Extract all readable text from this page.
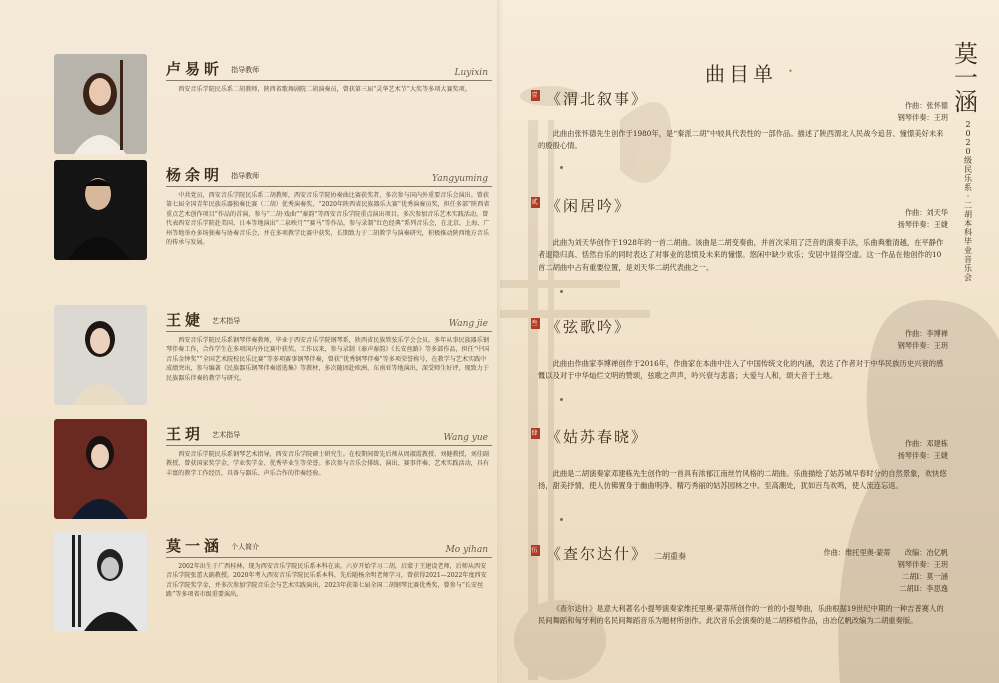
卢易昕 指导教师	Luyixin
西安音乐学院民乐系二胡教师，陕西省歌舞剧院二胡演奏员，曾获第三届“灵华艺术节”大奖等多项大赛奖项。
杨余明 指导教师	Yangyuming
中共党员，西安音乐学院民乐系二胡教师，西安音乐学院协奏曲比赛获奖者，多次参与国内外重要音乐会演出。曾获第七届全国青年民族乐器独奏比赛（二胡）优秀演奏奖，“2020年陕西省民族器乐大赛”优秀演奏员奖，担任多部“陕西省重点艺术创作项目”作品的首演，参与“二胡·戏曲”“秦韵”等西安音乐学院重点演出项目。多次参加音乐艺术实践活动，曾代表西安音乐学院赴美国、日本等地演出“二泉映月”“赛马”等作品，参与录制“红色经典”系列音乐会，在北京、上海、广州等地举办多场独奏与协奏音乐会，并在多项教学比赛中获奖，长期致力于二胡教学与演奏研究，积极推动陕西地方音乐的传承与发展。
王婕 艺术指导	Wang jie
西安音乐学院民乐系钢琴伴奏教师，毕业于西安音乐学院钢琴系，陕西省民族管弦乐学会会员。多年从事民族器乐钢琴伴奏工作，合作学生在多项国内外比赛中获奖。工作以来，参与录制《秦声秦韵》《长安丝路》等多部作品，担任“中国音乐金钟奖”“全国艺术院校民乐比赛”等多项赛事钢琴伴奏，曾获“优秀钢琴伴奏”等多项荣誉称号，在教学与艺术实践中成绩突出，参与编著《民族器乐钢琴伴奏谱选集》等教材，多次随团赴欧洲、东南亚等地演出，深受师生好评，现致力于民族器乐伴奏的教学与研究。
王玥 艺术指导	Wang yue
西安音乐学院民乐系钢琴艺术指导，西安音乐学院硕士研究生。在校期间曾先后师从周淑霞教授、刘健教授，刘佳副教授，曾获国家奖学金、学业奖学金、优秀毕业生等荣誉。多次参与音乐会排练、演出、赛事伴奏、艺术实践活动，具有丰富的教学工作经历，具备与器乐、声乐合作的伴奏经验。
莫一涵 个人简介	Mo yihan
2002年出生于广西桂林，现为西安音乐学院民乐系本科在读，六岁开始学习二胡，启蒙于王建设老师，后师从西安音乐学院张蕾大副教授。2020年考入西安音乐学院民乐系本科，先后随杨余明老师学习，曾获得2021—2022年度西安音乐学院奖学金，并多次参加学院音乐会与艺术实践演出，2023年获第七届全国二胡钢琴比赛优秀奖，曾参与“长安丝路”等多项省市级重要演出。
曲目单 ✦
莫
一
涵
2
0
2
0
级
民
乐
系
·
二
胡
本
科
毕
业
音
乐
会
壹 《渭北叙事》	作曲：张怀德
钢琴伴奏：王玥
此曲由张怀德先生创作于1980年，是“秦派二胡”中较具代表性的一部作品。描述了陕西渭北人民战今追昔、憧憬美好未来的殷殷心情。
贰 《闲居吟》	作曲：刘天华
扬琴伴奏：王婕
此曲为刘天华创作于1928年的一首二胡曲。该曲是二胡变奏曲，并首次采用了泛音的演奏手法，乐曲典雅清越，在平静作者退隐归真、恬然自乐的同时表达了对事业的悲愤及未来的憧憬。悠闲中缺少欢乐；安居中显得空虚。这一作品在他创作的10首二胡曲中占有重要位置，是刘天华二胡代表曲之一。
叁 《弦歌吟》	作曲：李博禅
钢琴伴奏：王玥
此曲由作曲家李博禅创作于2016年，作曲家在本曲中注入了中国传统文化的内涵，表达了作者对于中华民族历史兴衰的感慨以及对于中华灿烂文明的赞颂，弦歌之声声，吟兴衰与悲喜；大爱与人和，颂大音于土地。
肆 《姑苏春晓》	作曲：邓建栋
扬琴伴奏：王婕
此曲是二胡演奏家邓建栋先生创作的一首具有浓郁江南丝竹风格的二胡曲。乐曲描绘了姑苏城早春时分的自然景象，欢快悠扬，甜美抒情，使人仿佛置身于幽曲明净、精巧秀丽的姑苏园林之中。至高潮处，犹如百鸟欢鸣，使人流连忘返。
伍 《查尔达什》 二胡重奏	作曲：维托里奥·蒙蒂　　改编：冶亿帆
钢琴伴奏：王玥
二胡I：莫一涵
二胡II：李思逸
《查尔达什》是意大利著名小提琴演奏家维托里奥·蒙蒂所创作的一首的小提琴曲，乐曲根据19世纪中期的一种吉普赛人的民间舞蹈和匈牙利的名民间舞蹈音乐为题材所创作。此次音乐会演奏的是二胡移植作品，由冶亿帆改编为二胡重奏版。
